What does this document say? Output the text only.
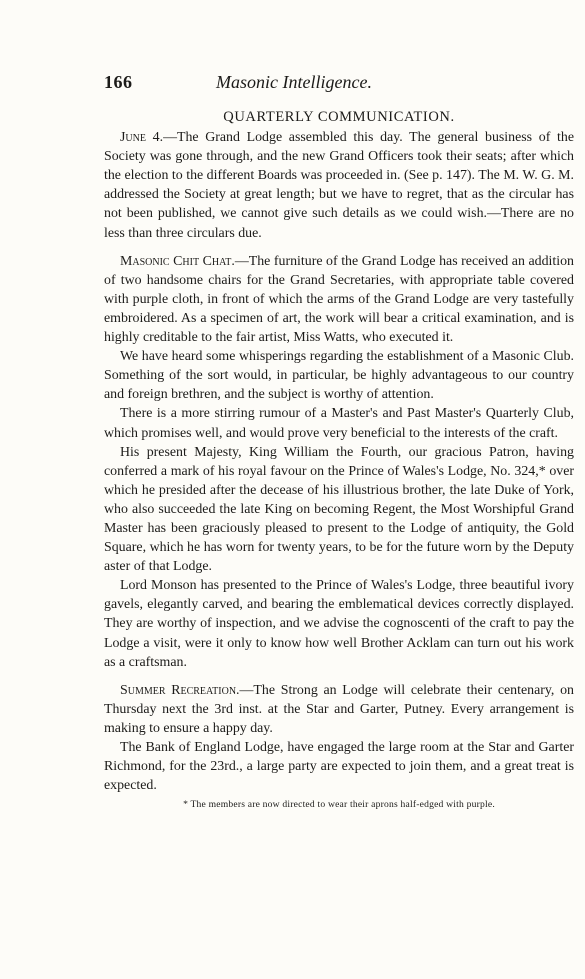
166	Masonic Intelligence.
QUARTERLY COMMUNICATION.

June 4.—The Grand Lodge assembled this day. The general business of the Society was gone through, and the new Grand Officers took their seats; after which the election to the different Boards was proceeded in. (See p. 147). The M. W. G. M. addressed the Society at great length; but we have to regret, that as the circular has not been published, we cannot give such details as we could wish.—There are no less than three circulars due.

Masonic Chit Chat.—The furniture of the Grand Lodge has received an addition of two handsome chairs for the Grand Secretaries, with appropriate table covered with purple cloth, in front of which the arms of the Grand Lodge are very tastefully embroidered. As a specimen of art, the work will bear a critical examination, and is highly creditable to the fair artist, Miss Watts, who executed it.

We have heard some whisperings regarding the establishment of a Masonic Club. Something of the sort would, in particular, be highly advantageous to our country and foreign brethren, and the subject is worthy of attention.

There is a more stirring rumour of a Master's and Past Master's Quarterly Club, which promises well, and would prove very beneficial to the interests of the craft.

His present Majesty, King William the Fourth, our gracious Patron, having conferred a mark of his royal favour on the Prince of Wales's Lodge, No. 324,* over which he presided after the decease of his illustrious brother, the late Duke of York, who also succeeded the late King on becoming Regent, the Most Worshipful Grand Master has been graciously pleased to present to the Lodge of antiquity, the Gold Square, which he has worn for twenty years, to be for the future worn by the Deputy aster of that Lodge.

Lord Monson has presented to the Prince of Wales's Lodge, three beautiful ivory gavels, elegantly carved, and bearing the emblematical devices correctly displayed. They are worthy of inspection, and we advise the cognoscenti of the craft to pay the Lodge a visit, were it only to know how well Brother Acklam can turn out his work as a craftsman.

Summer Recreation.—The Strong an Lodge will celebrate their centenary, on Thursday next the 3rd inst. at the Star and Garter, Putney. Every arrangement is making to ensure a happy day.

The Bank of England Lodge, have engaged the large room at the Star and Garter Richmond, for the 23rd., a large party are expected to join them, and a great treat is expected.

* The members are now directed to wear their aprons half-edged with purple.
